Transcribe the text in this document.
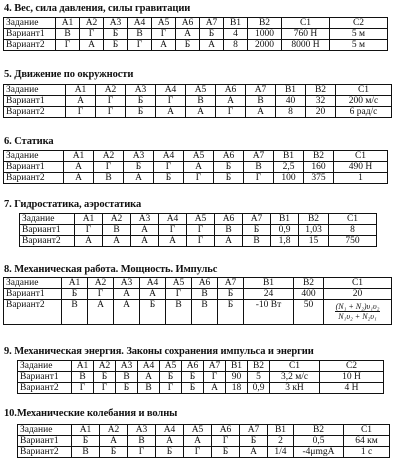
4. Вес, сила давления, силы гравитации
Задание	А1	А2	А3	А4	А5	А6	А7	В1	В2	С1	С2
Вариант1	В	Г	Б	В	Г	А	Б	4	1000	760 Н	5 м
Вариант2	Г	А	Б	Г	А	Б	А	8	2000	8000 Н	5 м
5. Движение по окружности
Задание	А1	А2	А3	А4	А5	А6	А7	В1	В2	С1
Вариант1	А	Г	Б	Г	В	А	В	40	32	200 м/с
Вариант2	Г	Г	Б	А	А	Г	А	8	20	6 рад/с
6. Статика
Задание	А1	А2	А3	А4	А5	А6	А7	В1	В2	С1
Вариант1	А	Г	Б	Г	А	Б	В	2,5	160	490 Н
Вариант2	А	В	А	Б	Г	Б	Г	100	375	1
7. Гидростатика, аэростатика
Задание	А1	А2	А3	А4	А5	А6	А7	В1	В2	С1
Вариант1	Г	В	А	Г	Г	В	Б	0,9	1,03	8
Вариант2	А	А	А	А	Г	А	В	1,8	15	750
8. Механическая работа. Мощность. Импульс
Задание	А1	А2	А3	А4	А5	А6	А7	В1	В2	С1
Вариант1	Б	Г	А	А	Г	В	Б	24	400	20
Вариант2	В	А	А	Б	В	В	Б	-10 Вт	50	$\frac{\text{(N₁ + N₂)υ₁υ₂}}{\text{N₁υ₂ + N₂υ₁}}$
9. Механическая энергия. Законы сохранения импульса и энергии
Задание	А1	А2	А3	А4	А5	А6	А7	В1	В2	С1	С2
Вариант1	В	Б	В	А	Б	Б	Г	90	5	3,2 м/с	10 Н
Вариант2	Г	Г	Б	В	Г	Б	А	18	0,9	3 кН	4 Н
10.Механические колебания и волны
Задание	А1	А2	А3	А4	А5	А6	А7	В1	В2	С1
Вариант1	Б	А	В	А	А	Г	Б	2	0,5	64 км
Вариант2	В	Б	Г	Б	Г	Б	А	1/4	-4μmgA	1 с
